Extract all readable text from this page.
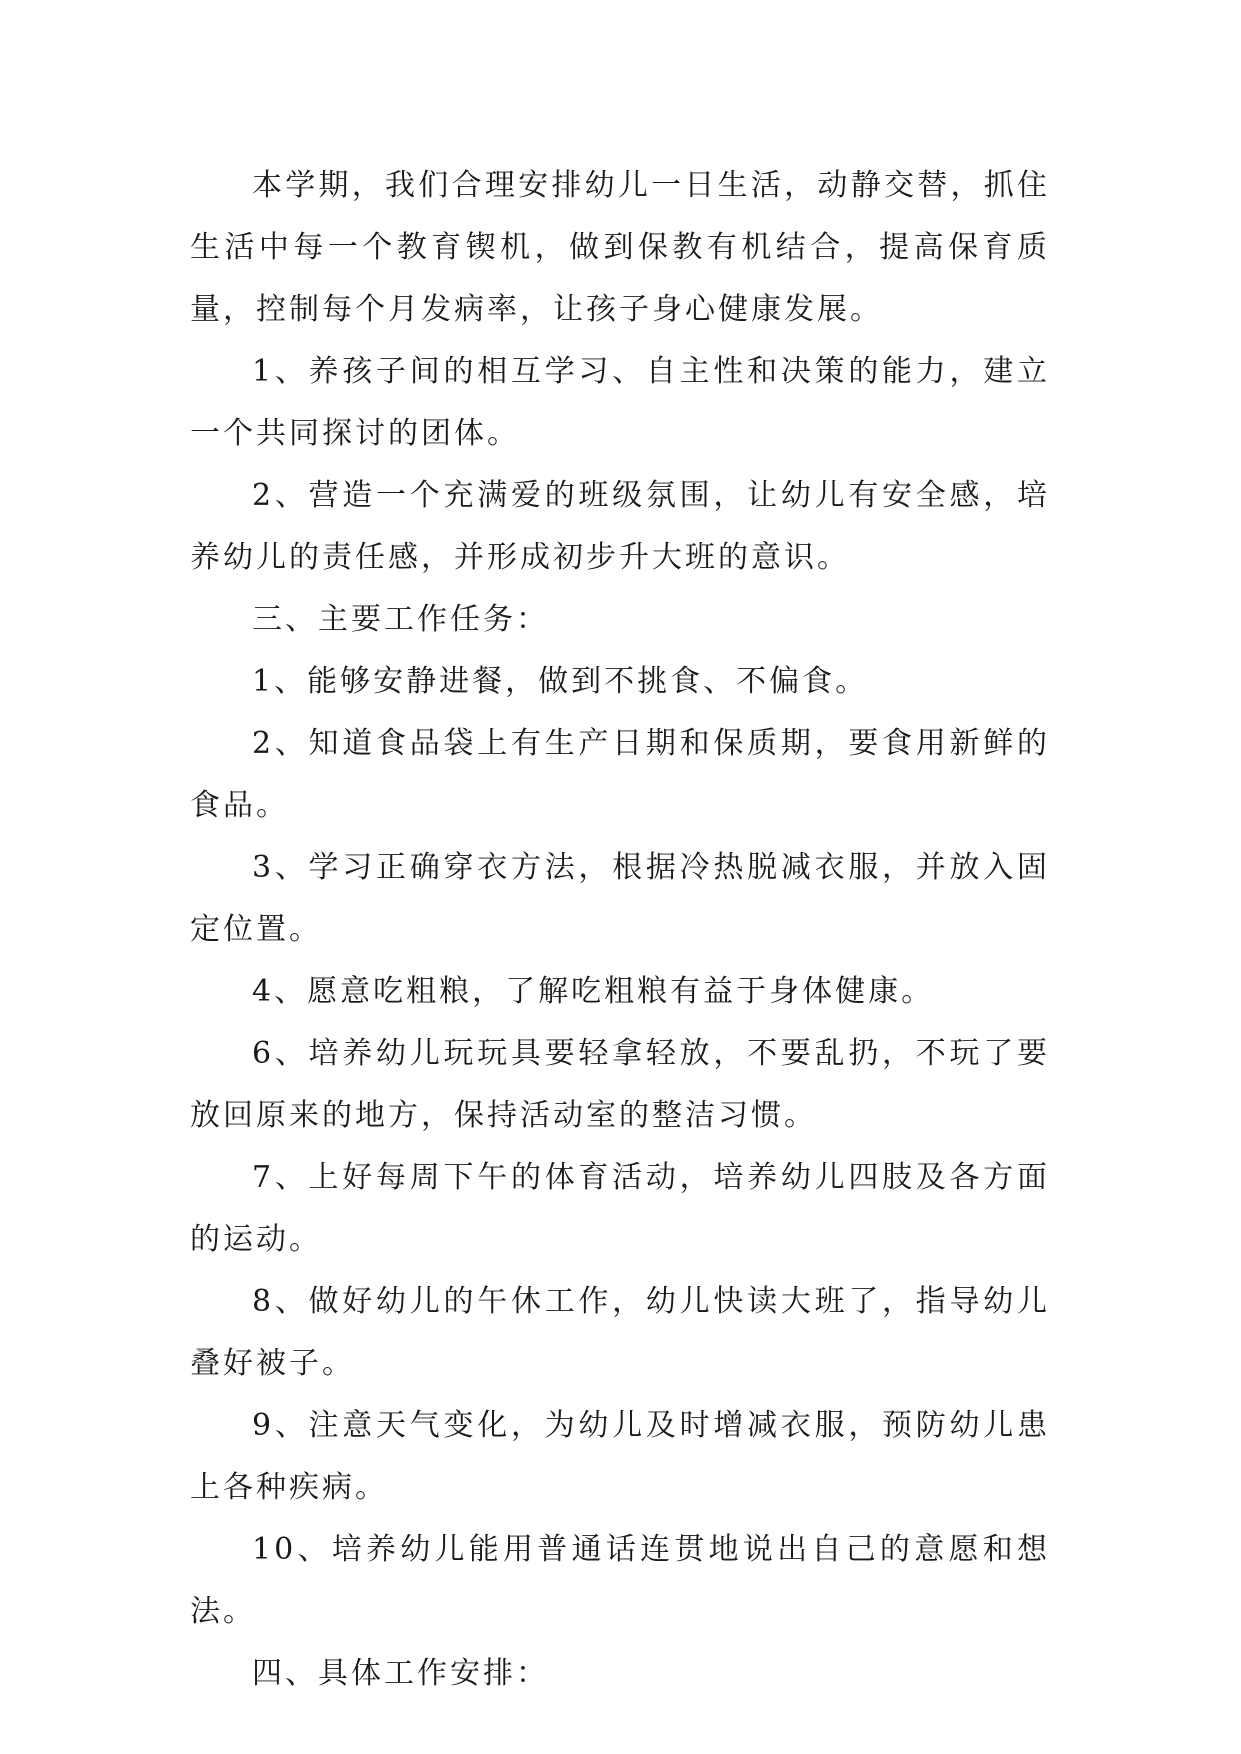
本学期，我们合理安排幼儿一日生活，动静交替，抓住生活中每一个教育锲机，做到保教有机结合，提高保育质量，控制每个月发病率，让孩子身心健康发展。

1、养孩子间的相互学习、自主性和决策的能力，建立一个共同探讨的团体。

2、营造一个充满爱的班级氛围，让幼儿有安全感，培养幼儿的责任感，并形成初步升大班的意识。

三、主要工作任务：

1、能够安静进餐，做到不挑食、不偏食。

2、知道食品袋上有生产日期和保质期，要食用新鲜的食品。

3、学习正确穿衣方法，根据冷热脱减衣服，并放入固定位置。

4、愿意吃粗粮，了解吃粗粮有益于身体健康。

6、培养幼儿玩玩具要轻拿轻放，不要乱扔，不玩了要放回原来的地方，保持活动室的整洁习惯。

7、上好每周下午的体育活动，培养幼儿四肢及各方面的运动。

8、做好幼儿的午休工作，幼儿快读大班了，指导幼儿叠好被子。

9、注意天气变化，为幼儿及时增减衣服，预防幼儿患上各种疾病。

10、培养幼儿能用普通话连贯地说出自己的意愿和想法。

四、具体工作安排：
